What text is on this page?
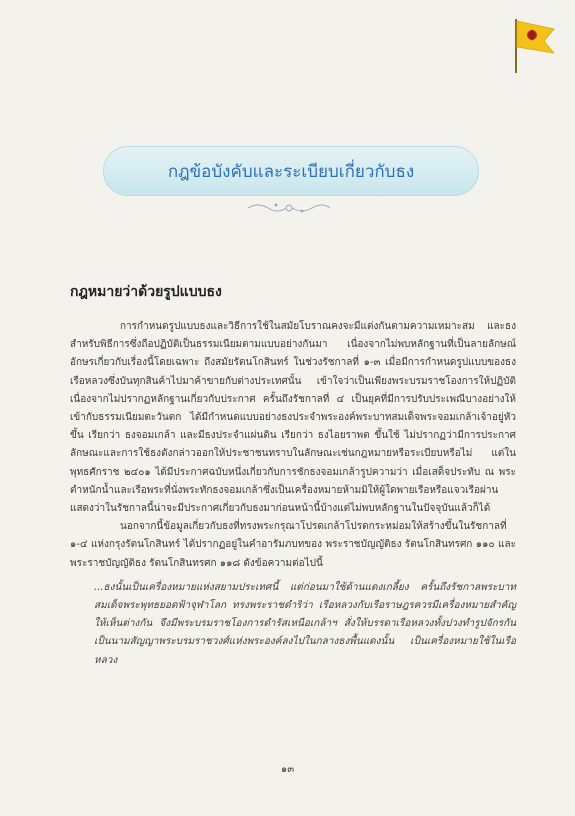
กฎข้อบังคับและระเบียบเกี่ยวกับธง
กฎหมายว่าด้วยรูปแบบธง

การกำหนดรูปแบบธงและวิธีการใช้ในสมัยโบราณคงจะมีแต่งกันตามความเหมาะสม และธงสำหรับพิธีการซึ่งถือปฏิบัติเป็นธรรมเนียมตามแบบอย่างกันมา เนื่องจากไม่พบหลักฐานที่เป็นลายลักษณ์อักษรเกี่ยวกับเรื่องนี้โดยเฉพาะ ถึงสมัยรัตนโกสินทร์ ในช่วงรัชกาลที่ ๑-๓ เมื่อมีการกำหนดรูปแบบของธงเรือหลวงซึ่งบันทุกสินค้าไปมาค้าขายกับต่างประเทศนั้น เข้าใจว่าเป็นเพียงพระบรมราชโองการให้ปฏิบัติ เนื่องจากไม่ปรากฏหลักฐานเกี่ยวกับประกาศ ครั้นถึงรัชกาลที่ ๔ เป็นยุคที่มีการปรับประเพณีบางอย่างให้เข้ากับธรรมเนียมตะวันตก ได้มีกำหนดแบบอย่างธงประจำพระองค์พระบาทสมเด็จพระจอมเกล้าเจ้าอยู่หัวขึ้น เรียกว่า ธงจอมเกล้า และมีธงประจำแผ่นดิน เรียกว่า ธงไอยราพต ขึ้นใช้ ไม่ปรากฏว่ามีการประกาศลักษณะและการใช้ธงดังกล่าวออกให้ประชาชนทราบในลักษณะเช่นกฎหมายหรือระเบียบหรือไม่ แต่ในพุทธศักราช ๒๔๐๑ ได้มีประกาศฉบับหนึ่งเกี่ยวกับการชักธงจอมเกล้ารูปความว่า เมื่อเสด็จประทับ ณ พระตำหนักน้ำและเรือพระที่นั่งพระทักธงจอมเกล้าซึ่งเป็นเครื่องหมายห้ามมิให้ผู้ใดพายเรือหรือแจวเรือผ่าน แสดงว่าในรัชกาลนี้น่าจะมีประกาศเกี่ยวกับธงมาก่อนหน้านี้บ้างแต่ไม่พบหลักฐานในปัจจุบันแล้วก็ได้

นอกจากนี้ข้อมูลเกี่ยวกับธงที่ทรงพระกรุณาโปรดเกล้าโปรดกระหม่อมให้สร้างขึ้นในรัชกาลที่ ๑-๔ แห่งกรุงรัตนโกสินทร์ ได้ปรากฏอยู่ในคำอารัมภบทของ พระราชบัญญัติธง รัตนโกสินทรศก ๑๑๐ และ พระราชบัญญัติธง รัตนโกสินทรศก ๑๑๘ ดังข้อความต่อไปนี้

...ธงนั้นเป็นเครื่องหมายแห่งสยามประเทศนี้ แต่ก่อนมาใช้ด้านแดงเกลี้ยง ครั้นถึงรัชกาลพระบาทสมเด็จพระพุทธยอดฟ้าจุฬาโลก ทรงพระราชดำริว่า เรือหลวงกับเรือราษฎรควรมีเครื่องหมายสำคัญให้เห็นต่างกัน จึงมีพระบรมราชโองการดำรัสเหนือเกล้าฯ สั่งให้บรรดาเรือหลวงทั้งปวงทำรูปจักรกันเป็นนามสัญญาพระบรมราชวงศ์แห่งพระองค์ลงไปในกลางธงพื้นแดงนั้น เป็นเครื่องหมายใช้ในเรือหลวง

๑๓
